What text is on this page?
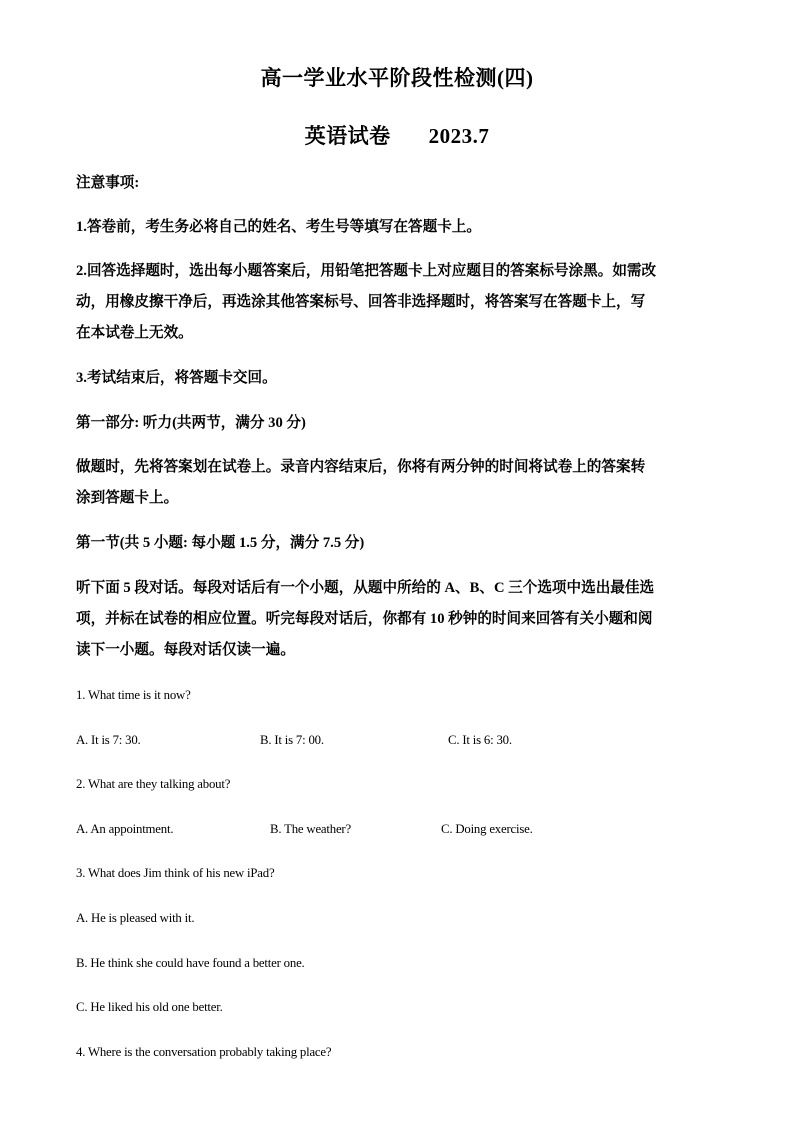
高一学业水平阶段性检测(四)
英语试卷 2023.7
注意事项:
1.答卷前，考生务必将自己的姓名、考生号等填写在答题卡上。
2.回答选择题时，选出每小题答案后，用铅笔把答题卡上对应题目的答案标号涂黑。如需改
动，用橡皮擦干净后，再选涂其他答案标号、回答非选择题时，将答案写在答题卡上，写
在本试卷上无效。
3.考试结束后，将答题卡交回。
第一部分: 听力(共两节，满分 30 分)
做题时，先将答案划在试卷上。录音内容结束后，你将有两分钟的时间将试卷上的答案转
涂到答题卡上。
第一节(共 5 小题: 每小题 1.5 分，满分 7.5 分)
听下面 5 段对话。每段对话后有一个小题，从题中所给的 A、B、C 三个选项中选出最佳选
项，并标在试卷的相应位置。听完每段对话后，你都有 10 秒钟的时间来回答有关小题和阅
读下一小题。每段对话仅读一遍。
1. What time is it now?
A. It is 7: 30.	B. It is 7: 00.	C. It is 6: 30.
2. What are they talking about?
A. An appointment.	B. The weather?	C. Doing exercise.
3. What does Jim think of his new iPad?
A. He is pleased with it.
B. He think she could have found a better one.
C. He liked his old one better.
4. Where is the conversation probably taking place?
